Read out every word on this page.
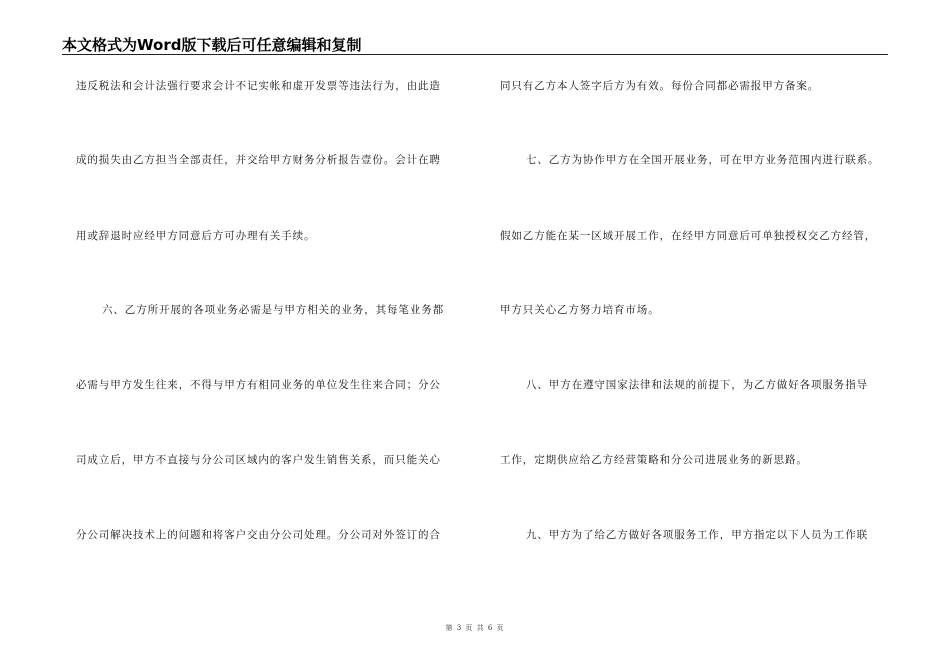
本文格式为Word版下载后可任意编辑和复制
违反税法和会计法强行要求会计不记实帐和虚开发票等违法行为，由此造
成的损失由乙方担当全部责任，并交给甲方财务分析报告壹份。会计在聘
用或辞退时应经甲方同意后方可办理有关手续。
六、乙方所开展的各项业务必需是与甲方相关的业务，其每笔业务都
必需与甲方发生往来，不得与甲方有相同业务的单位发生往来合同；分公
司成立后，甲方不直接与分公司区域内的客户发生销售关系，而只能关心
分公司解决技术上的问题和将客户交由分公司处理。分公司对外签订的合
同只有乙方本人签字后方为有效。每份合同都必需报甲方备案。
七、乙方为协作甲方在全国开展业务，可在甲方业务范围内进行联系。
假如乙方能在某一区域开展工作，在经甲方同意后可单独授权交乙方经管，
甲方只关心乙方努力培育市场。
八、甲方在遵守国家法律和法规的前提下，为乙方做好各项服务指导
工作，定期供应给乙方经营策略和分公司进展业务的新思路。
九、甲方为了给乙方做好各项服务工作，甲方指定以下人员为工作联
第 3 页 共 6 页
